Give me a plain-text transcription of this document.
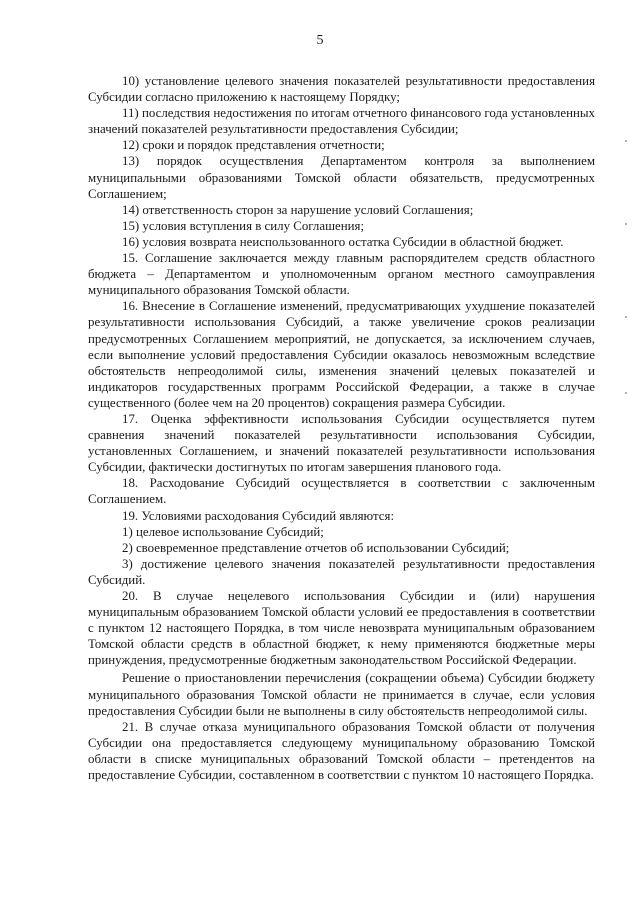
5

10) установление целевого значения показателей результативности предоставления Субсидии согласно приложению к настоящему Порядку;

11) последствия недостижения по итогам отчетного финансового года установленных значений показателей результативности предоставления Субсидии;

12) сроки и порядок представления отчетности;

13) порядок осуществления Департаментом контроля за выполнением муниципальными образованиями Томской области обязательств, предусмотренных Соглашением;

14) ответственность сторон за нарушение условий Соглашения;

15) условия вступления в силу Соглашения;

16) условия возврата неиспользованного остатка Субсидии в областной бюджет.

15. Соглашение заключается между главным распорядителем средств областного бюджета – Департаментом и уполномоченным органом местного самоуправления муниципального образования Томской области.

16. Внесение в Соглашение изменений, предусматривающих ухудшение показателей результативности использования Субсидий, а также увеличение сроков реализации предусмотренных Соглашением мероприятий, не допускается, за исключением случаев, если выполнение условий предоставления Субсидии оказалось невозможным вследствие обстоятельств непреодолимой силы, изменения значений целевых показателей и индикаторов государственных программ Российской Федерации, а также в случае существенного (более чем на 20 процентов) сокращения размера Субсидии.

17. Оценка эффективности использования Субсидии осуществляется путем сравнения значений показателей результативности использования Субсидии, установленных Соглашением, и значений показателей результативности использования Субсидии, фактически достигнутых по итогам завершения планового года.

18. Расходование Субсидий осуществляется в соответствии с заключенным Соглашением.

19. Условиями расходования Субсидий являются:

1) целевое использование Субсидий;

2) своевременное представление отчетов об использовании Субсидий;

3) достижение целевого значения показателей результативности предоставления Субсидий.

20. В случае нецелевого использования Субсидии и (или) нарушения муниципальным образованием Томской области условий ее предоставления в соответствии с пунктом 12 настоящего Порядка, в том числе невозврата муниципальным образованием Томской области средств в областной бюджет, к нему применяются бюджетные меры принуждения, предусмотренные бюджетным законодательством Российской Федерации.

Решение о приостановлении перечисления (сокращении объема) Субсидии бюджету муниципального образования Томской области не принимается в случае, если условия предоставления Субсидии были не выполнены в силу обстоятельств непреодолимой силы.

21. В случае отказа муниципального образования Томской области от получения Субсидии она предоставляется следующему муниципальному образованию Томской области в списке муниципальных образований Томской области – претендентов на предоставление Субсидии, составленном в соответствии с пунктом 10 настоящего Порядка.
